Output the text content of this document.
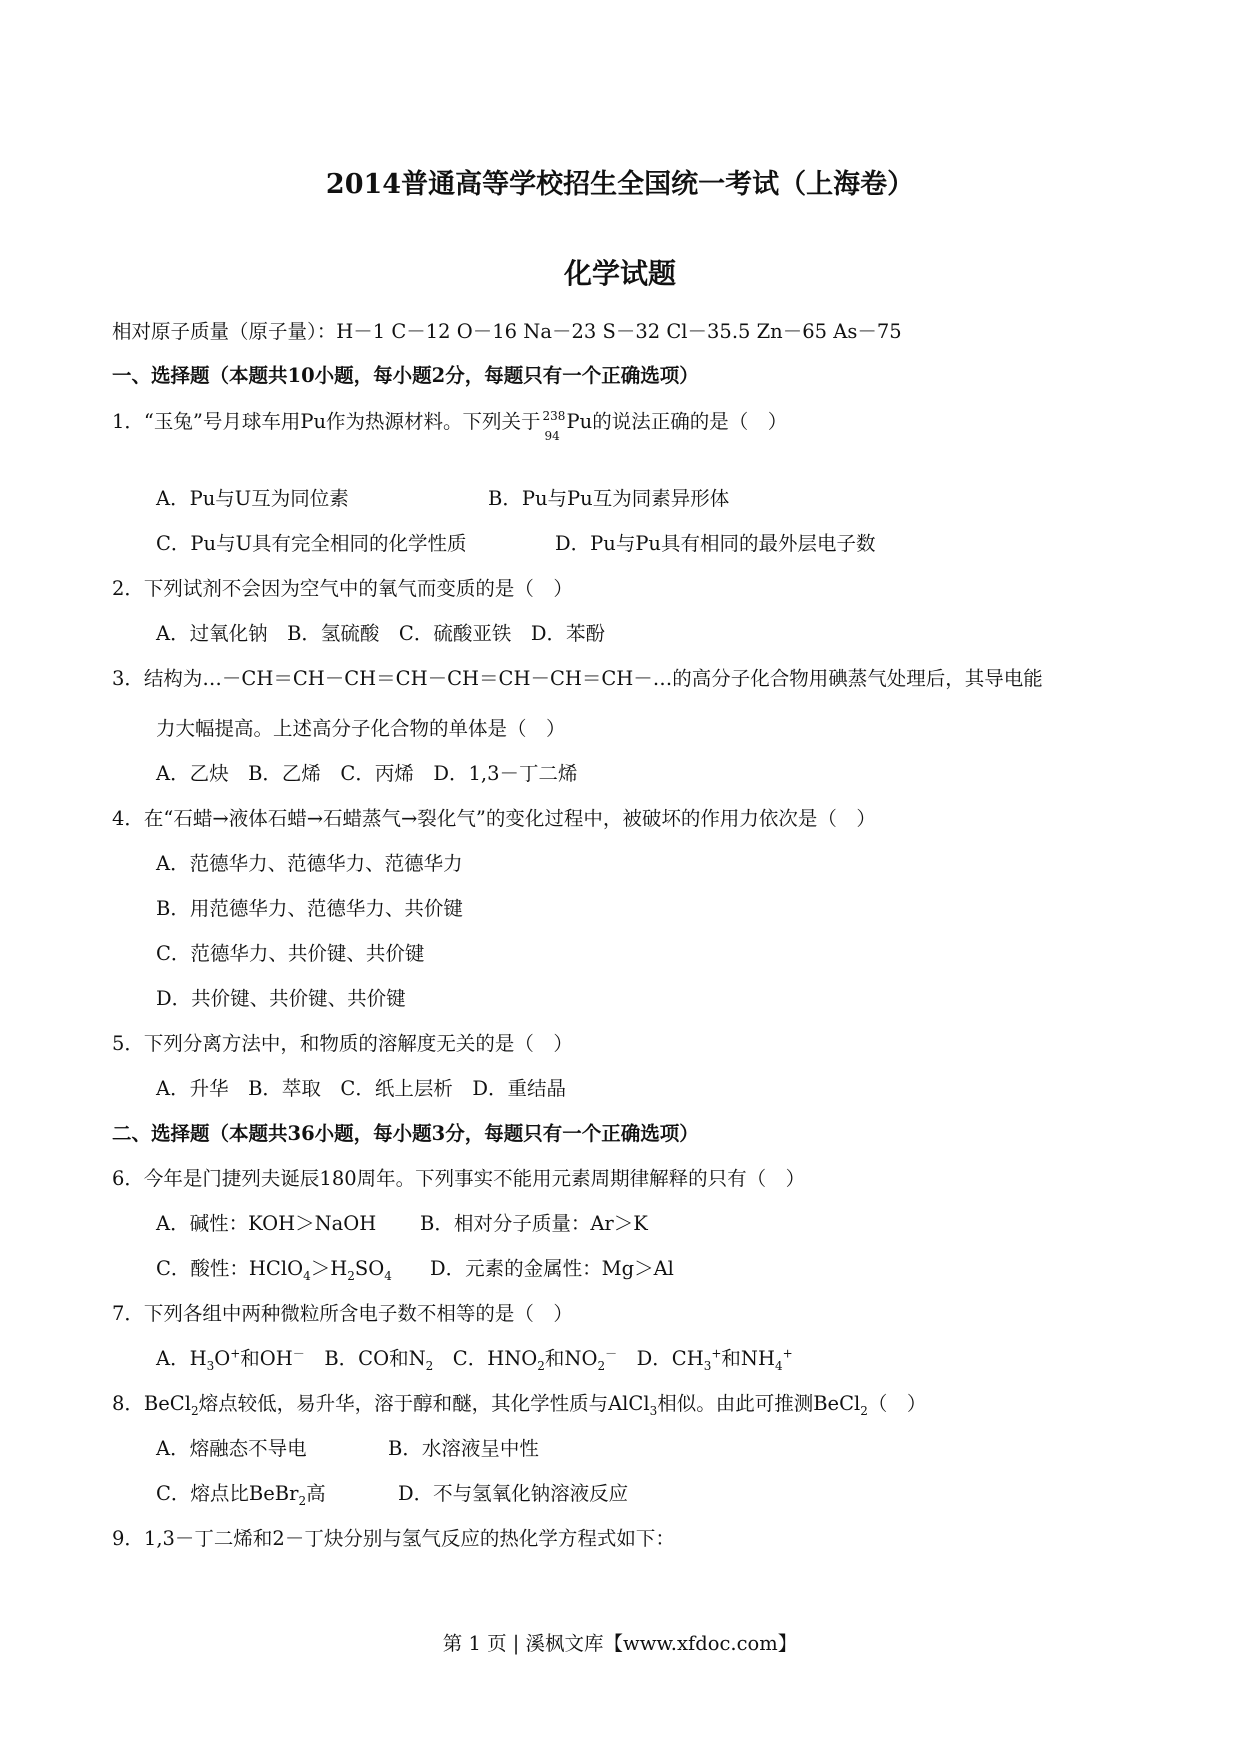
2014普通高等学校招生全国统一考试（上海卷）
化学试题
相对原子质量（原子量）：H－1 C－12 O－16 Na－23 S－32 Cl－35.5 Zn－65 As－75
一、选择题（本题共10小题，每小题2分，每题只有一个正确选项）
1．“玉兔”号月球车用Pu作为热源材料。下列关于 238
94
Pu的说法正确的是（　）
A．Pu与U互为同位素	B．Pu与Pu互为同素异形体
C．Pu与U具有完全相同的化学性质	D．Pu与Pu具有相同的最外层电子数
2．下列试剂不会因为空气中的氧气而变质的是（　）
A．过氧化钠　B．氢硫酸　C．硫酸亚铁　D．苯酚
3．结构为…－CH＝CH－CH＝CH－CH＝CH－CH＝CH－…的高分子化合物用碘蒸气处理后，其导电能
力大幅提高。上述高分子化合物的单体是（　）
A．乙炔　B．乙烯　C．丙烯　D．1,3－丁二烯
4．在“石蜡→液体石蜡→石蜡蒸气→裂化气”的变化过程中，被破坏的作用力依次是（　）
A．范德华力、范德华力、范德华力
B．用范德华力、范德华力、共价键
C．范德华力、共价键、共价键
D．共价键、共价键、共价键
5．下列分离方法中，和物质的溶解度无关的是（　）
A．升华　B．萃取　C．纸上层析　D．重结晶
二、选择题（本题共36小题，每小题3分，每题只有一个正确选项）
6．今年是门捷列夫诞辰180周年。下列事实不能用元素周期律解释的只有（　）
A．碱性：KOH＞NaOH B．相对分子质量：Ar＞K
C．酸性：$HClO_4>H_2SO_4$ D．元素的金属性：Mg＞Al
7．下列各组中两种微粒所含电子数不相等的是（　）
A．$H_3O^+$和OH－　 B．CO和$N_2$　 C．$HNO_2$和$NO_2^-$　 D．$CH_3^+$和$NH_4^+$
8．BeCl$_2$熔点较低，易升华，溶于醇和醚，其化学性质与AlCl$_3$相似。由此可推测BeCl$_2$（　）
A．熔融态不导电	B．水溶液呈中性
C．熔点比BeBr$_2$高	D．不与氢氧化钠溶液反应
9．1,3－丁二烯和2－丁炔分别与氢气反应的热化学方程式如下：
第 1 页 | 溪枫文库【www.xfdoc.com】
